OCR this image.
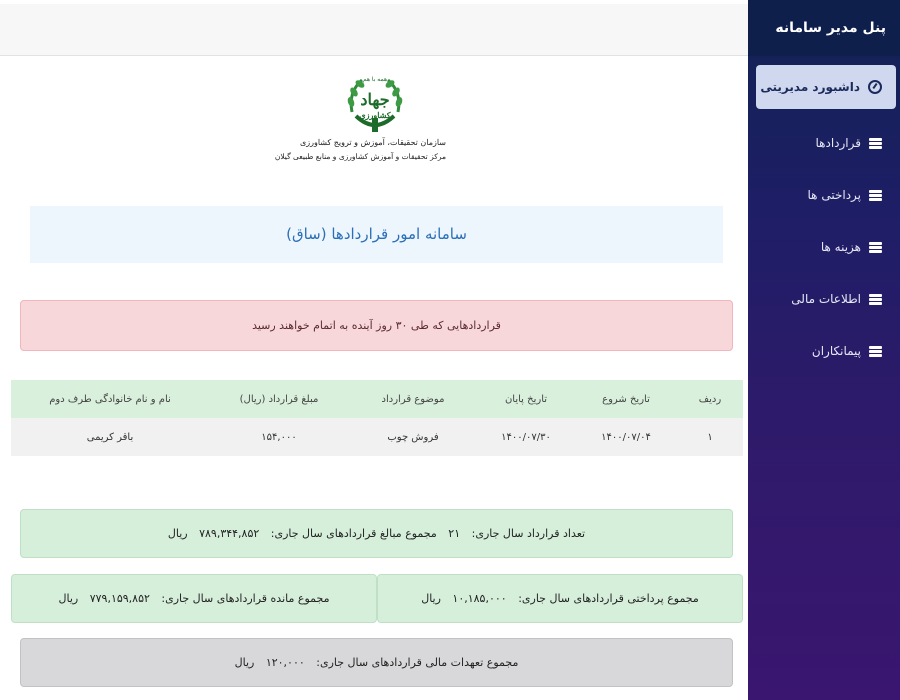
پنل مدیر سامانه
داشبورد مدیریتی
قراردادها
پرداختی ها
هزینه ها
اطلاعات مالی
پیمانکاران
همه با هم
جهاد
کشاورزی
سازمان تحقیقات، آموزش و ترویج کشاورزی
مرکز تحقیقات و آموزش کشاورزی و منابع طبیعی گیلان
سامانه امور قراردادها (ساق)
قراردادهایی که طی ۳۰ روز آینده به اتمام خواهند رسید
ردیف	تاریخ شروع	تاریخ پایان	موضوع قرارداد	مبلغ قرارداد (ریال)	نام و نام خانوادگی طرف دوم
۱	۱۴۰۰/۰۷/۰۴	۱۴۰۰/۰۷/۳۰	فروش چوب	۱۵۴,۰۰۰	باقر کریمی
تعداد قرارداد سال جاری: ۲۱ مجموع مبالغ قراردادهای سال جاری: ۷۸۹,۳۴۴,۸۵۲ ریال
مجموع پرداختی قراردادهای سال جاری: ۱۰,۱۸۵,۰۰۰ ریال
مجموع مانده قراردادهای سال جاری: ۷۷۹,۱۵۹,۸۵۲ ریال
مجموع تعهدات مالی قراردادهای سال جاری: ۱۲۰,۰۰۰ ریال
